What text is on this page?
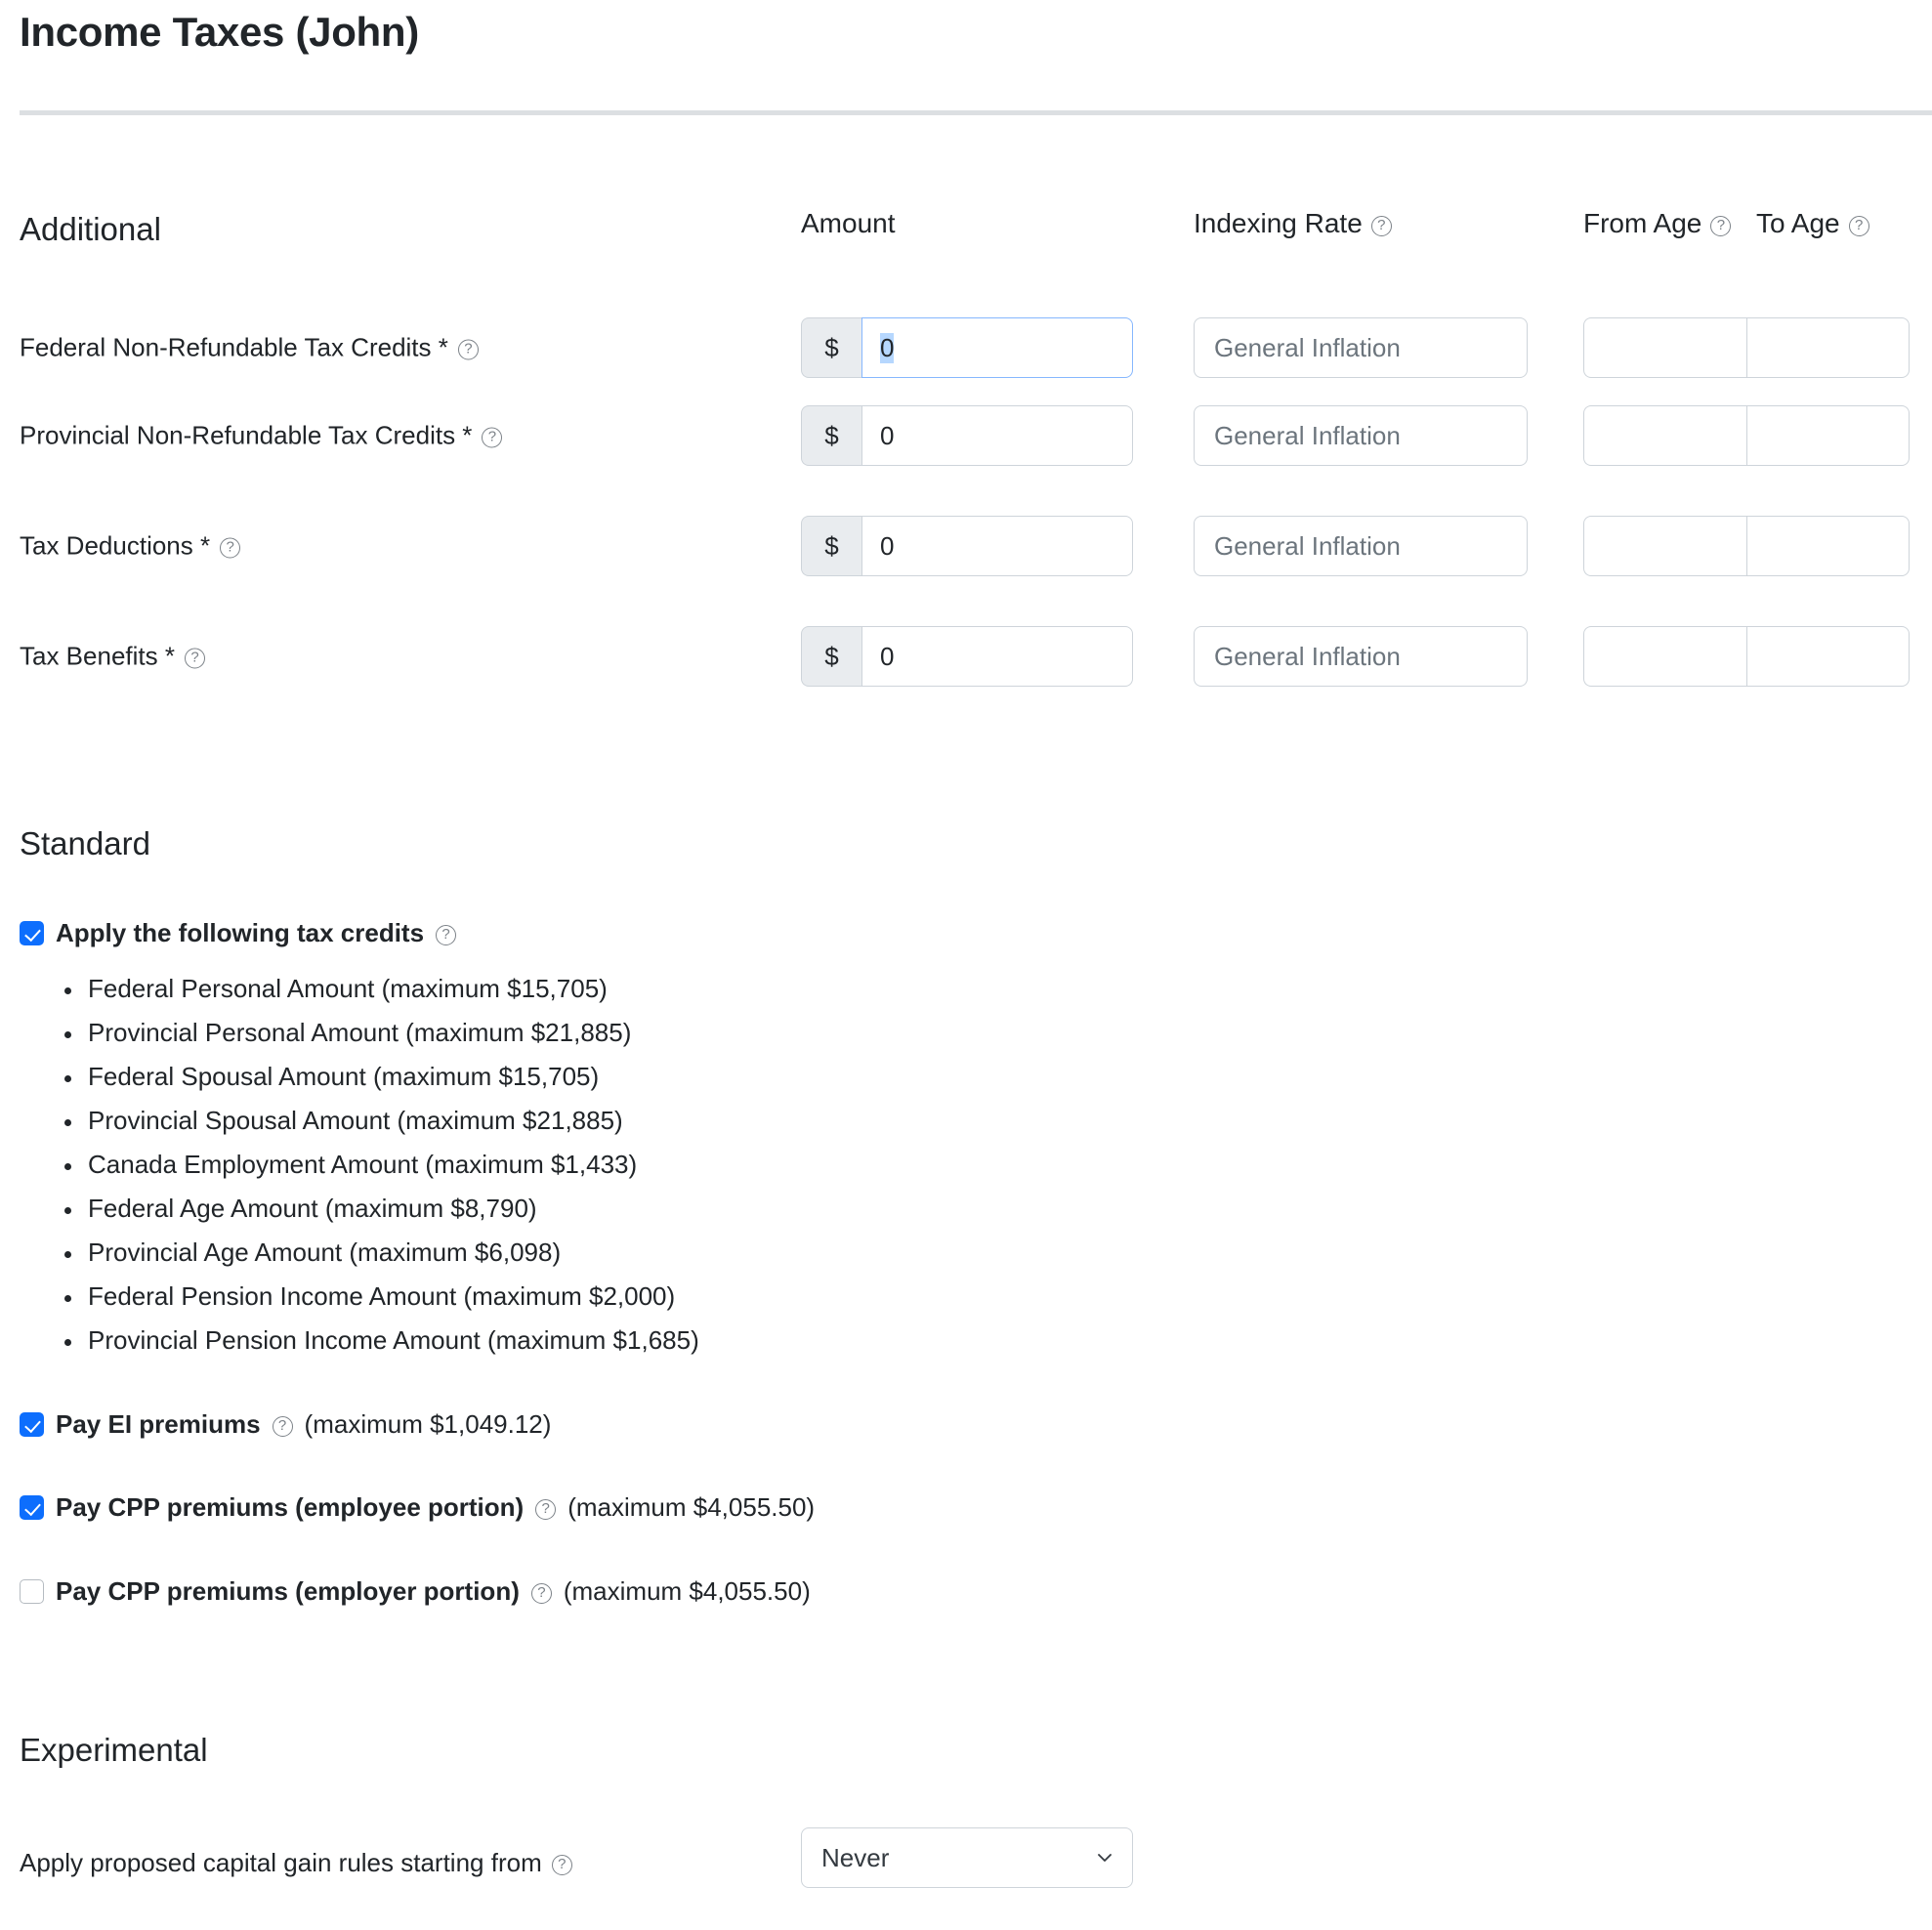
Income Taxes (John)
Amount	Indexing Rate	?	From Age	? To Age	?
Additional
Federal Non-Refundable Tax Credits *	?	$	0	General Inflation
Provincial Non-Refundable Tax Credits *	?	$	0	General Inflation
Tax Deductions *	?	$	0	General Inflation
Tax Benefits *	?	$	0	General Inflation
Standard
Apply the following tax credits	?
Federal Personal Amount (maximum $15,705)
Provincial Personal Amount (maximum $21,885)
Federal Spousal Amount (maximum $15,705)
Provincial Spousal Amount (maximum $21,885)
Canada Employment Amount (maximum $1,433)
Federal Age Amount (maximum $8,790)
Provincial Age Amount (maximum $6,098)
Federal Pension Income Amount (maximum $2,000)
Provincial Pension Income Amount (maximum $1,685)
Pay EI premiums	? (maximum $1,049.12)
Pay CPP premiums (employee portion)	? (maximum $4,055.50)
Pay CPP premiums (employer portion)	? (maximum $4,055.50)
Experimental
Apply proposed capital gain rules starting from	?	Never
